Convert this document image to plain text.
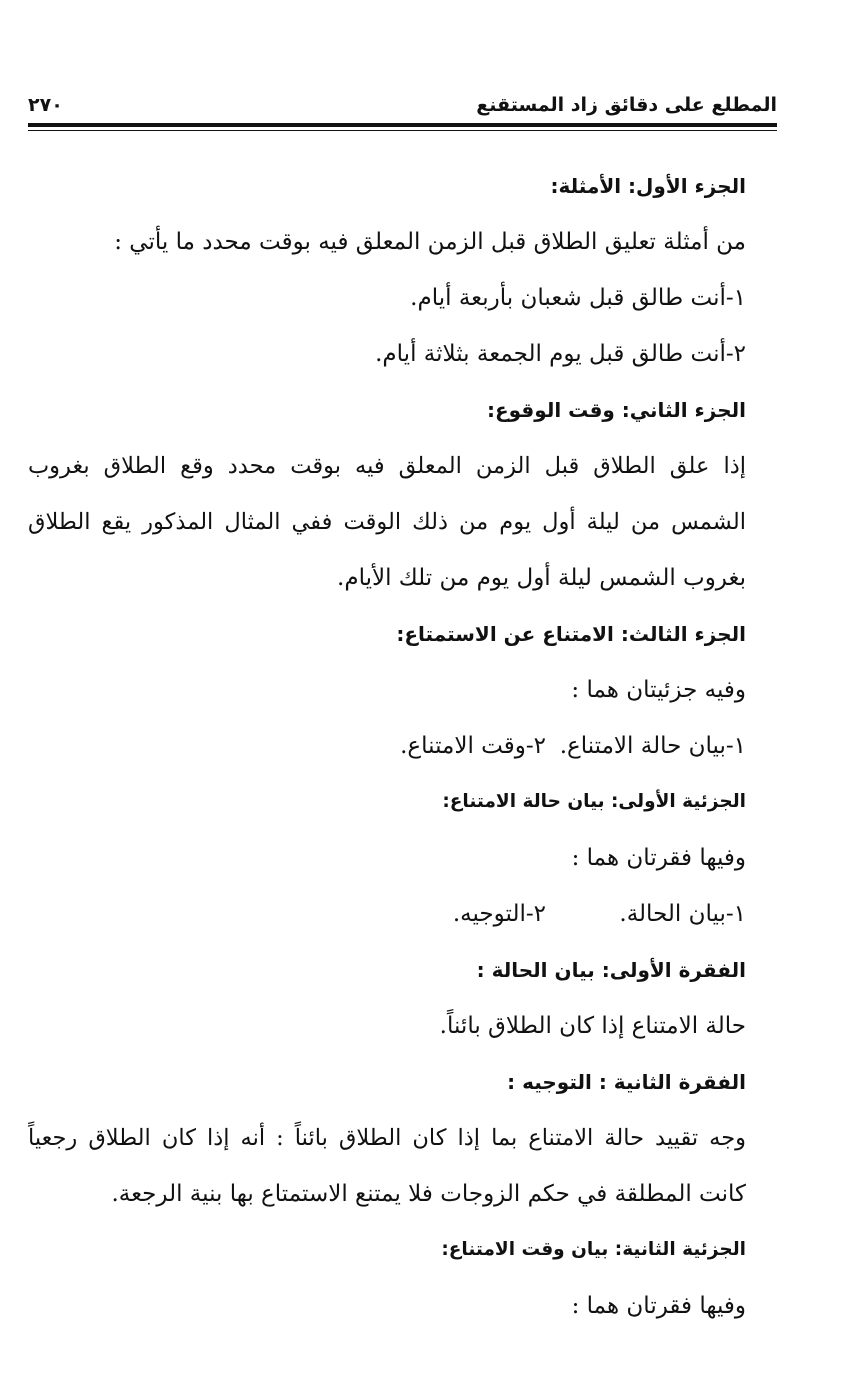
المطلع على دقائق زاد المستقنع
٢٧٠
الجزء الأول: الأمثلة:
من أمثلة تعليق الطلاق قبل الزمن المعلق فيه بوقت محدد ما يأتي :
١-أنت طالق قبل شعبان بأربعة أيام.
٢-أنت طالق قبل يوم الجمعة بثلاثة أيام.
الجزء الثاني: وقت الوقوع:
إذا علق الطلاق قبل الزمن المعلق فيه بوقت محدد وقع الطلاق بغروب
الشمس من ليلة أول يوم من ذلك الوقت ففي المثال المذكور يقع الطلاق
بغروب الشمس ليلة أول يوم من تلك الأيام.
الجزء الثالث: الامتناع عن الاستمتاع:
وفيه جزئيتان هما :
١-بيان حالة الامتناع.
٢-وقت الامتناع.
الجزئية الأولى: بيان حالة الامتناع:
وفيها فقرتان هما :
١-بيان الحالة.
٢-التوجيه.
الفقرة الأولى: بيان الحالة :
حالة الامتناع إذا كان الطلاق بائناً.
الفقرة الثانية : التوجيه :
وجه تقييد حالة الامتناع بما إذا كان الطلاق بائناً : أنه إذا كان الطلاق رجعياً
كانت المطلقة في حكم الزوجات فلا يمتنع الاستمتاع بها بنية الرجعة.
الجزئية الثانية: بيان وقت الامتناع:
وفيها فقرتان هما :
